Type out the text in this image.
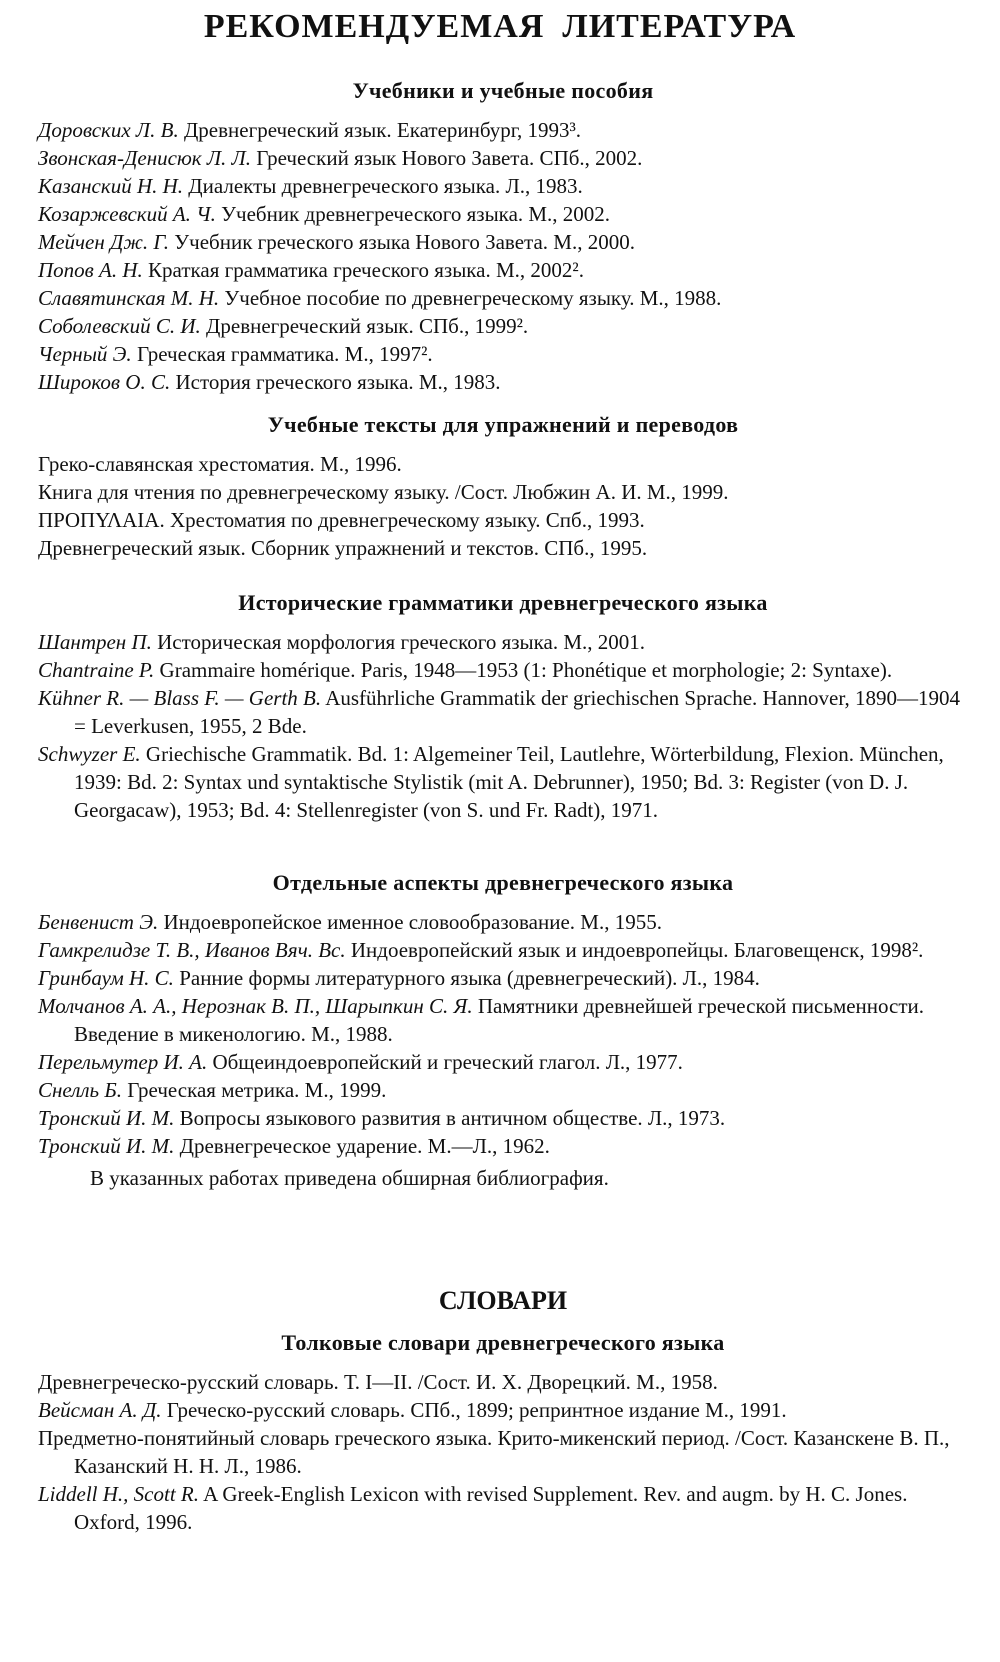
РЕКОМЕНДУЕМАЯ ЛИТЕРАТУРА
Учебники и учебные пособия
Доровских Л. В. Древнегреческий язык. Екатеринбург, 1993³.
Звонская-Денисюк Л. Л. Греческий язык Нового Завета. СПб., 2002.
Казанский Н. Н. Диалекты древнегреческого языка. Л., 1983.
Козаржевский А. Ч. Учебник древнегреческого языка. М., 2002.
Мейчен Дж. Г. Учебник греческого языка Нового Завета. М., 2000.
Попов А. Н. Краткая грамматика греческого языка. М., 2002².
Славятинская М. Н. Учебное пособие по древнегреческому языку. М., 1988.
Соболевский С. И. Древнегреческий язык. СПб., 1999².
Черный Э. Греческая грамматика. М., 1997².
Широков О. С. История греческого языка. М., 1983.
Учебные тексты для упражнений и переводов
Греко-славянская хрестоматия. М., 1996.
Книга для чтения по древнегреческому языку. /Сост. Любжин А. И. М., 1999.
ΠΡΟΠΥΛΑΙΑ. Хрестоматия по древнегреческому языку. Спб., 1993.
Древнегреческий язык. Сборник упражнений и текстов. СПб., 1995.
Исторические грамматики древнегреческого языка
Шантрен П. Историческая морфология греческого языка. М., 2001.
Chantraine P. Grammaire homérique. Paris, 1948—1953 (1: Phonétique et morphologie; 2: Syntaxe).
Kühner R. — Blass F. — Gerth B. Ausführliche Grammatik der griechischen Sprache. Hannover, 1890—1904 = Leverkusen, 1955, 2 Bde.
Schwyzer E. Griechische Grammatik. Bd. 1: Algemeiner Teil, Lautlehre, Wörterbildung, Flexion. München, 1939: Bd. 2: Syntax und syntaktische Stylistik (mit A. Debrunner), 1950; Bd. 3: Register (von D. J. Georgacaw), 1953; Bd. 4: Stellenregister (von S. und Fr. Radt), 1971.
Отдельные аспекты древнегреческого языка
Бенвенист Э. Индоевропейское именное словообразование. М., 1955.
Гамкрелидзе Т. В., Иванов Вяч. Вс. Индоевропейский язык и индоевропейцы. Благовещенск, 1998².
Гринбаум Н. С. Ранние формы литературного языка (древнегреческий). Л., 1984.
Молчанов А. А., Нерознак В. П., Шарыпкин С. Я. Памятники древнейшей греческой письменности. Введение в микенологию. М., 1988.
Перельмутер И. А. Общеиндоевропейский и греческий глагол. Л., 1977.
Снелль Б. Греческая метрика. М., 1999.
Тронский И. М. Вопросы языкового развития в античном обществе. Л., 1973.
Тронский И. М. Древнегреческое ударение. М.—Л., 1962.

В указанных работах приведена обширная библиография.

СЛОВАРИ
Толковые словари древнегреческого языка
Древнегреческо-русский словарь. Т. I—II. /Сост. И. Х. Дворецкий. М., 1958.
Вейсман А. Д. Греческо-русский словарь. СПб., 1899; репринтное издание М., 1991.
Предметно-понятийный словарь греческого языка. Крито-микенский период. /Сост. Казанскене В. П., Казанский Н. Н. Л., 1986.
Liddell H., Scott R. A Greek-English Lexicon with revised Supplement. Rev. and augm. by H. C. Jones. Oxford, 1996.
